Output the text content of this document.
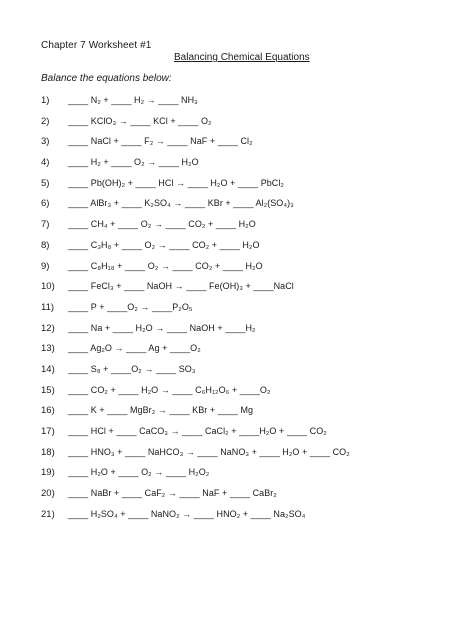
Chapter 7 Worksheet #1
Balancing Chemical Equations
Balance the equations below:
1) ____ N₂ + ____ H₂ → ____ NH₃
2) ____ KClO₃ → ____ KCl + ____ O₂
3) ____ NaCl + ____ F₂ → ____ NaF + ____ Cl₂
4) ____ H₂ + ____ O₂ → ____ H₂O
5) ____ Pb(OH)₂ + ____ HCl → ____ H₂O + ____ PbCl₂
6) ____ AlBr₃ + ____ K₂SO₄ → ____ KBr + ____ Al₂(SO₄)₃
7) ____ CH₄ + ____ O₂ → ____ CO₂ + ____ H₂O
8) ____ C₃H₈ + ____ O₂ → ____ CO₂ + ____ H₂O
9) ____ C₈H₁₈ + ____ O₂ → ____ CO₂ + ____ H₂O
10) ____ FeCl₃ + ____ NaOH → ____ Fe(OH)₃ + ____NaCl
11) ____ P + ____O₂ → ____P₂O₅
12) ____ Na + ____ H₂O → ____ NaOH + ____H₂
13) ____ Ag₂O → ____ Ag + ____O₂
14) ____ S₈ + ____O₂ → ____ SO₃
15) ____ CO₂ + ____ H₂O → ____ C₆H₁₂O₆ + ____O₂
16) ____ K + ____ MgBr₂ → ____ KBr + ____ Mg
17) ____ HCl + ____ CaCO₃ → ____ CaCl₂ + ____H₂O + ____ CO₂
18) ____ HNO₃ + ____ NaHCO₃ → ____ NaNO₃ + ____ H₂O + ____ CO₂
19) ____ H₂O + ____ O₂ → ____ H₂O₂
20) ____ NaBr + ____ CaF₂ → ____ NaF + ____ CaBr₂
21) ____ H₂SO₄ + ____ NaNO₂ → ____ HNO₂ + ____ Na₂SO₄
